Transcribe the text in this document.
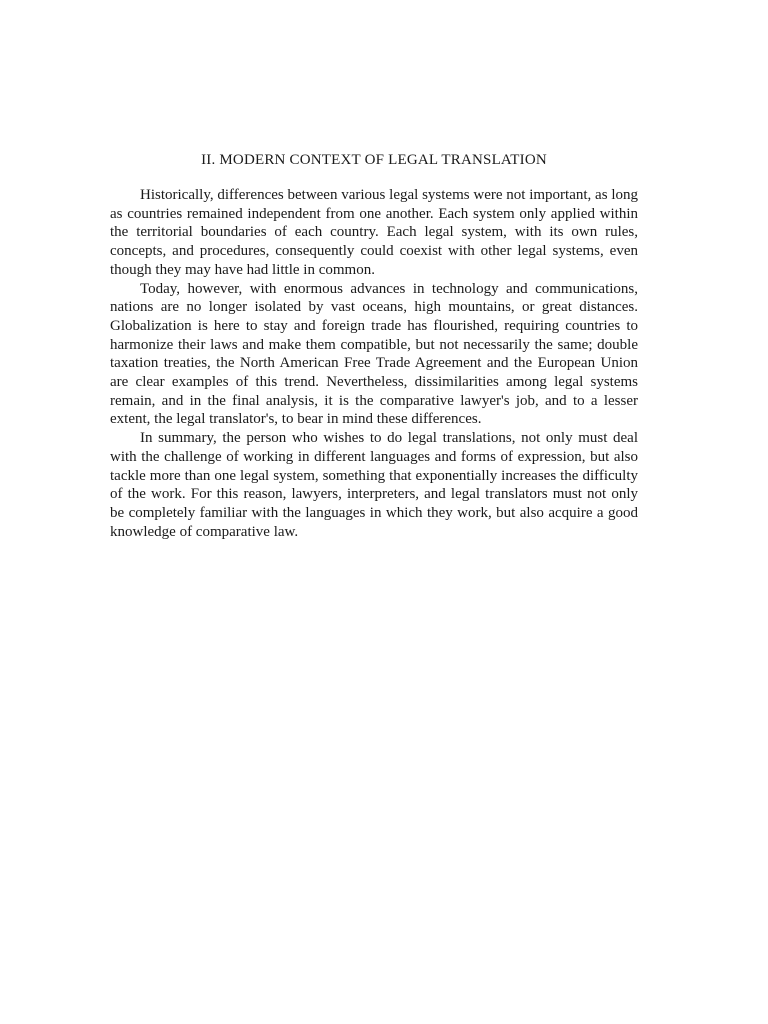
II. MODERN CONTEXT OF LEGAL TRANSLATION

Historically, differences between various legal systems were not important, as long as countries remained independent from one another. Each system only applied within the territorial boundaries of each country. Each legal system, with its own rules, concepts, and procedures, consequently could coexist with other legal systems, even though they may have had little in common.

Today, however, with enormous advances in technology and communications, nations are no longer isolated by vast oceans, high mountains, or great distances. Globalization is here to stay and foreign trade has flourished, requiring countries to harmonize their laws and make them compatible, but not necessarily the same; double taxation treaties, the North American Free Trade Agreement and the European Union are clear examples of this trend. Nevertheless, dissimilarities among legal systems remain, and in the final analysis, it is the comparative lawyer's job, and to a lesser extent, the legal translator's, to bear in mind these differences.

In summary, the person who wishes to do legal translations, not only must deal with the challenge of working in different languages and forms of expression, but also tackle more than one legal system, something that exponentially increases the difficulty of the work. For this reason, lawyers, interpreters, and legal translators must not only be completely familiar with the languages in which they work, but also acquire a good knowledge of comparative law.
